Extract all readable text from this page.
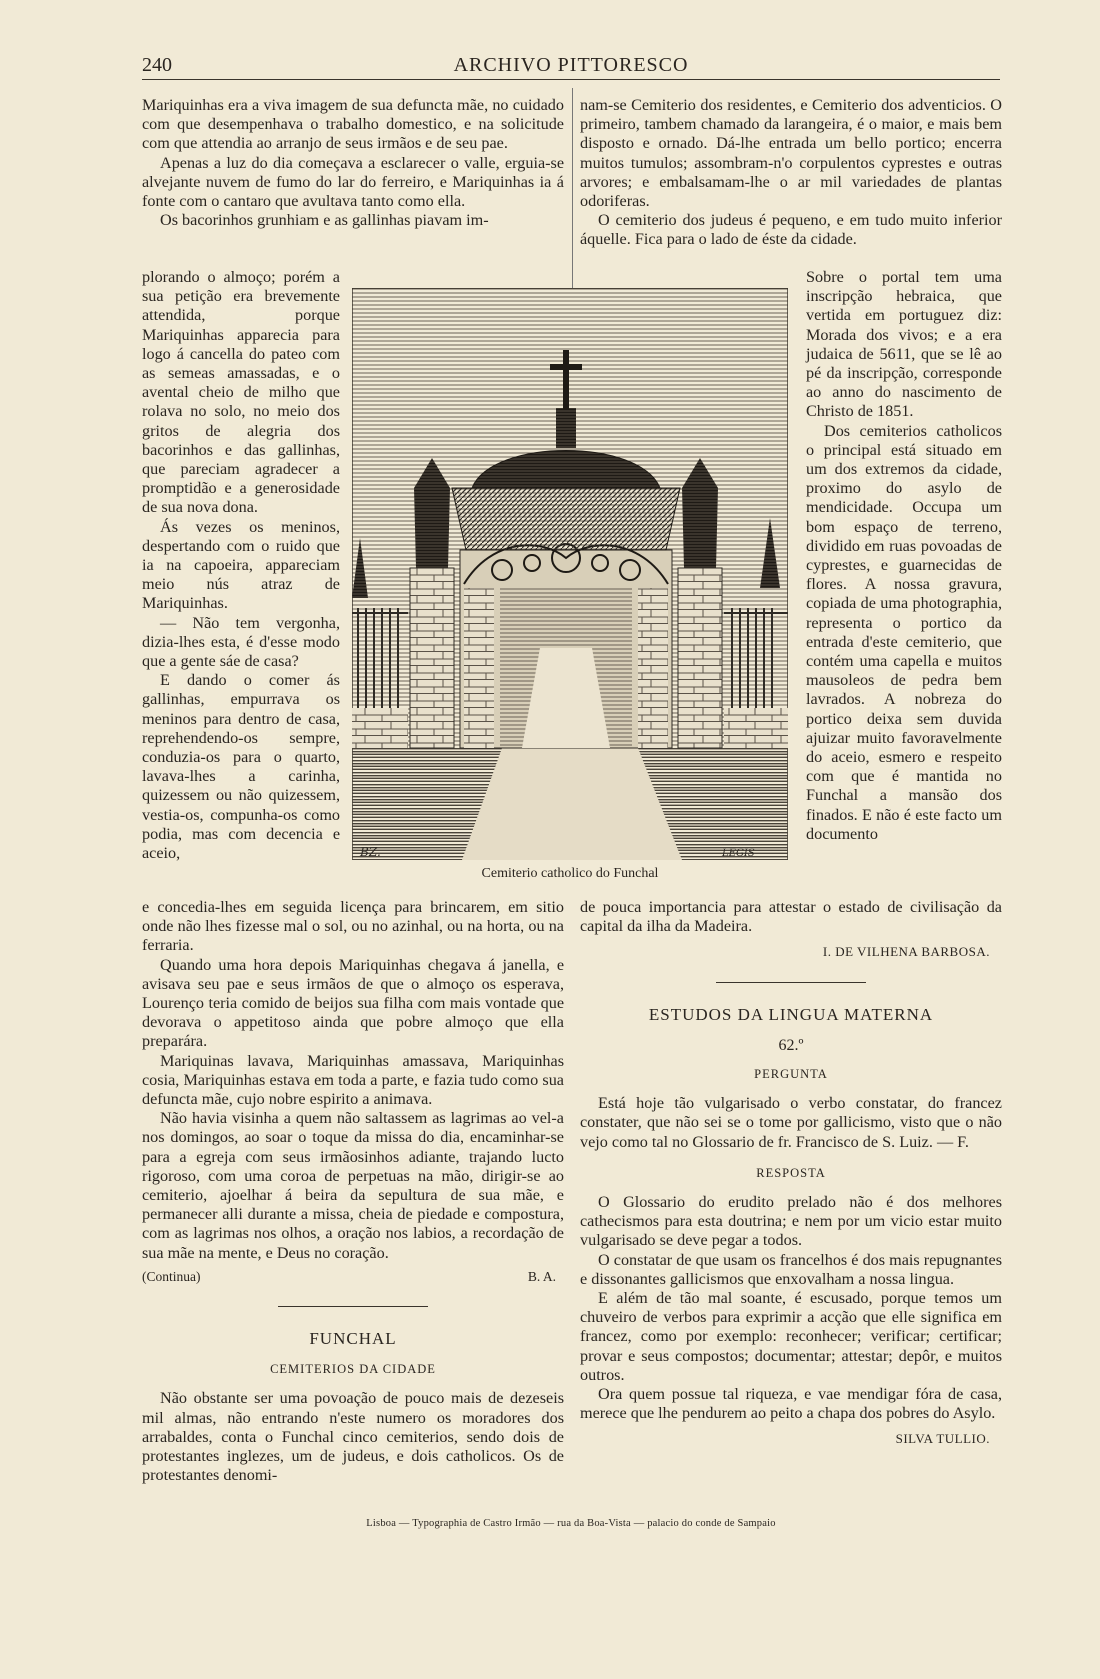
240	ARCHIVO PITTORESCO

Mariquinhas era a viva imagem de sua defuncta mãe, no cuidado com que desempenhava o trabalho domestico, e na solicitude com que attendia ao arranjo de seus irmãos e de seu pae.

Apenas a luz do dia começava a esclarecer o valle, erguia-se alvejante nuvem de fumo do lar do ferreiro, e Mariquinhas ia á fonte com o cantaro que avultava tanto como ella.

Os bacorinhos grunhiam e as gallinhas piavam im-

plorando o almoço; porém a sua petição era brevemente attendida, porque Mariquinhas apparecia para logo á cancella do pateo com as semeas amassadas, e o avental cheio de milho que rolava no solo, no meio dos gritos de alegria dos bacorinhos e das gallinhas, que pareciam agradecer a promptidão e a generosidade de sua nova dona.

Ás vezes os meninos, despertando com o ruido que ia na capoeira, appareciam meio nús atraz de Mariquinhas.

— Não tem vergonha, dizia-lhes esta, é d'esse modo que a gente sáe de casa?

E dando o comer ás gallinhas, empurrava os meninos para dentro de casa, reprehendendo-os sempre, conduzia-os para o quarto, lavava-lhes a carinha, quizessem ou não quizessem, vestia-os, compunha-os como podia, mas com decencia e aceio,

nam-se Cemiterio dos residentes, e Cemiterio dos adventicios. O primeiro, tambem chamado da larangeira, é o maior, e mais bem disposto e ornado. Dá-lhe entrada um bello portico; encerra muitos tumulos; assombram-n'o corpulentos cyprestes e outras arvores; e embalsamam-lhe o ar mil variedades de plantas odoriferas.

O cemiterio dos judeus é pequeno, e em tudo muito inferior áquelle. Fica para o lado de éste da cidade.

Sobre o portal tem uma inscripção hebraica, que vertida em portuguez diz: Morada dos vivos; e a era judaica de 5611, que se lê ao pé da inscripção, corresponde ao anno do nascimento de Christo de 1851.

Dos cemiterios catholicos o principal está situado em um dos extremos da cidade, proximo do asylo de mendicidade. Occupa um bom espaço de terreno, dividido em ruas povoadas de cyprestes, e guarnecidas de flores. A nossa gravura, copiada de uma photographia, representa o portico da entrada d'este cemiterio, que contém uma capella e muitos mausoleos de pedra bem lavrados. A nobreza do portico deixa sem duvida ajuizar muito favoravelmente do aceio, esmero e respeito com que é mantida no Funchal a mansão dos finados. E não é este facto um documento

BZ.	LEGIS
Cemiterio catholico do Funchal

e concedia-lhes em seguida licença para brincarem, em sitio onde não lhes fizesse mal o sol, ou no azinhal, ou na horta, ou na ferraria.

Quando uma hora depois Mariquinhas chegava á janella, e avisava seu pae e seus irmãos de que o almoço os esperava, Lourenço teria comido de beijos sua filha com mais vontade que devorava o appetitoso ainda que pobre almoço que ella preparára.

Mariquinas lavava, Mariquinhas amassava, Mariquinhas cosia, Mariquinhas estava em toda a parte, e fazia tudo como sua defuncta mãe, cujo nobre espirito a animava.

Não havia visinha a quem não saltassem as lagrimas ao vel-a nos domingos, ao soar o toque da missa do dia, encaminhar-se para a egreja com seus irmãosinhos adiante, trajando lucto rigoroso, com uma coroa de perpetuas na mão, dirigir-se ao cemiterio, ajoelhar á beira da sepultura de sua mãe, e permanecer alli durante a missa, cheia de piedade e compostura, com as lagrimas nos olhos, a oração nos labios, a recordação de sua mãe na mente, e Deus no coração.

(Continua)	B. A.
FUNCHAL
CEMITERIOS DA CIDADE

Não obstante ser uma povoação de pouco mais de dezeseis mil almas, não entrando n'este numero os moradores dos arrabaldes, conta o Funchal cinco cemiterios, sendo dois de protestantes inglezes, um de judeus, e dois catholicos. Os de protestantes denomi-

de pouca importancia para attestar o estado de civilisação da capital da ilha da Madeira.

I. DE VILHENA BARBOSA.
ESTUDOS DA LINGUA MATERNA
62.º
PERGUNTA

Está hoje tão vulgarisado o verbo constatar, do francez constater, que não sei se o tome por gallicismo, visto que o não vejo como tal no Glossario de fr. Francisco de S. Luiz. — F.

RESPOSTA

O Glossario do erudito prelado não é dos melhores cathecismos para esta doutrina; e nem por um vicio estar muito vulgarisado se deve pegar a todos.

O constatar de que usam os francelhos é dos mais repugnantes e dissonantes gallicismos que enxovalham a nossa lingua.

E além de tão mal soante, é escusado, porque temos um chuveiro de verbos para exprimir a acção que elle significa em francez, como por exemplo: reconhecer; verificar; certificar; provar e seus compostos; documentar; attestar; depôr, e muitos outros.

Ora quem possue tal riqueza, e vae mendigar fóra de casa, merece que lhe pendurem ao peito a chapa dos pobres do Asylo.

SILVA TULLIO.
Lisboa — Typographia de Castro Irmão — rua da Boa-Vista — palacio do conde de Sampaio
